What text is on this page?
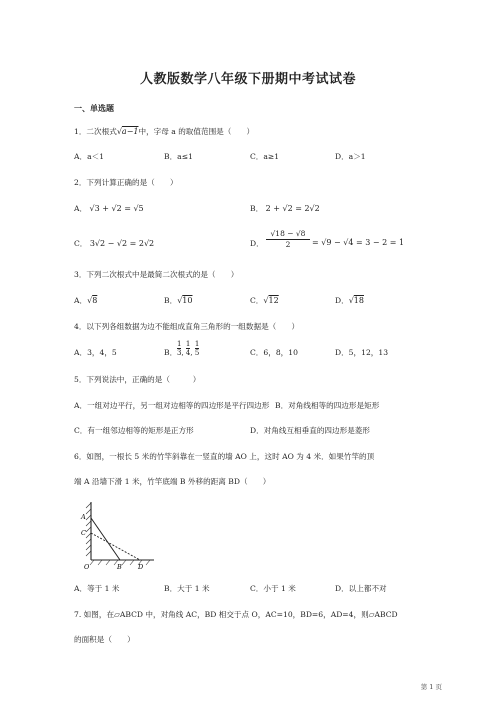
人教版数学八年级下册期中考试试卷
一、单选题
1．二次根式√a−1中，字母 a 的取值范围是（　　）
A．a＜1	B．a≤1	C．a≥1	D．a＞1
2．下列计算正确的是（　　）
A． √3 + √2 = √5	B． 2 + √2 = 2√2
C． 3√2 − √2 = 2√2	D． $\frac{√18 - √8}{2} = √9 - √4 = 3 - 2 = 1$
3．下列二次根式中是最简二次根式的是（　　）
A．√8	B．√10	C．√12	D．√18
4．以下列各组数据为边不能组成直角三角形的一组数据是（　　）
A．3，4，5	B． $\frac{1}{3}$ , $\frac{1}{4}$ , $\frac{1}{5}$	C．6，8，10	D．5，12，13
5．下列说法中，正确的是（　　　）
A．一组对边平行，另一组对边相等的四边形是平行四边形 B．对角线相等的四边形是矩形
C．有一组邻边相等的矩形是正方形	D．对角线互相垂直的四边形是菱形
6．如图，一根长 5 米的竹竿斜靠在一竖直的墙 AO 上，这时 AO 为 4 米．如果竹竿的顶
端 A 沿墙下滑 1 米，竹竿底端 B 外移的距离 BD（　　）
A
C
O	B D
A．等于 1 米	B．大于 1 米	C．小于 1 米	D．以上都不对
7. 如图，在▱ABCD 中，对角线 AC，BD 相交于点 O，AC=10，BD=6，AD=4，则▱ABCD
的面积是（　　）
第 1 页
